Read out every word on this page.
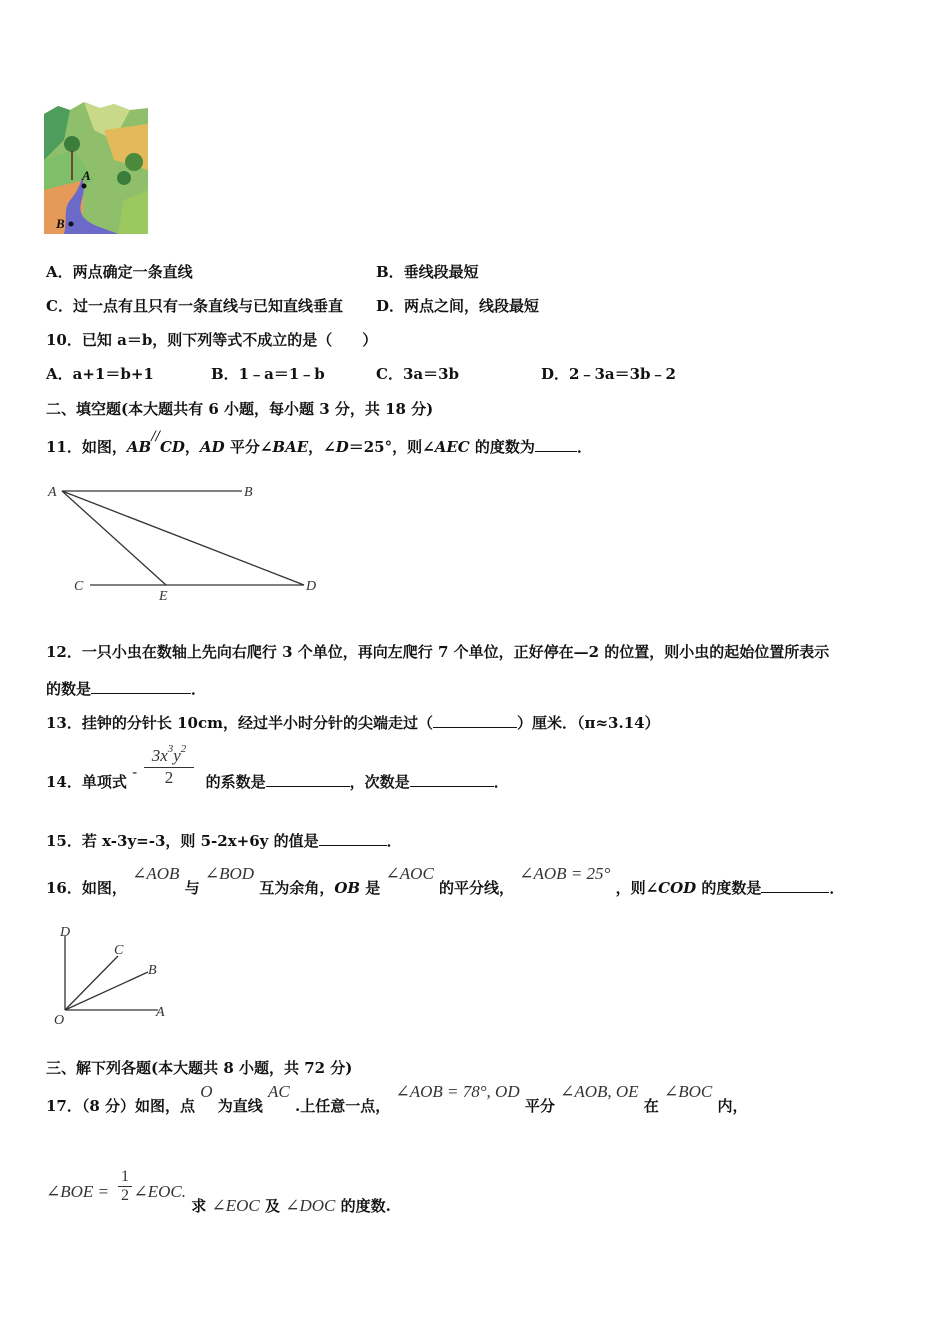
A
B
A．两点确定一条直线	B．垂线段最短
C．过一点有且只有一条直线与已知直线垂直 D．两点之间，线段最短
10．已知 a＝b，则下列等式不成立的是（　　）
A．a+1＝b+1	B．1﹣a＝1﹣b	C．3a＝3b	D．2﹣3a＝3b﹣2
二、填空题(本大题共有 6 小题，每小题 3 分，共 18 分)
11．如图，AB//CD，AD 平分∠BAE，∠D＝25°，则∠AEC 的度数为	．
A	B
C
E
D
12．一只小虫在数轴上先向右爬行 3 个单位，再向左爬行 7 个单位，正好停在—2 的位置，则小虫的起始位置所表示
的数是	．
13．挂钟的分针长 10cm，经过半小时分针的尖端走过（	）厘米．（π≈3.14）
14．单项式 -  的系数是	，次数是	．
$\frac{3x^3y^2}{2}$
15．若 x-3y=-3，则 5-2x+6y 的值是	．
16．如图， ∠AOB 与 ∠BOD 互为余角，OB 是 ∠AOC 的平分线， ∠AOB = 25° ，则∠COD 的度数是	．
D
C
B
O
A
三、解下列各题(本大题共 8 小题，共 72 分)
17．（8 分）如图，点 O 为直线 AC .上任意一点， ∠AOB = 78°, OD 平分 ∠AOB, OE 在 ∠BOC 内，
∠BOE = ∠EOC. 求 ∠EOC 及 ∠DOC 的度数.
$\frac{1}{2}$
